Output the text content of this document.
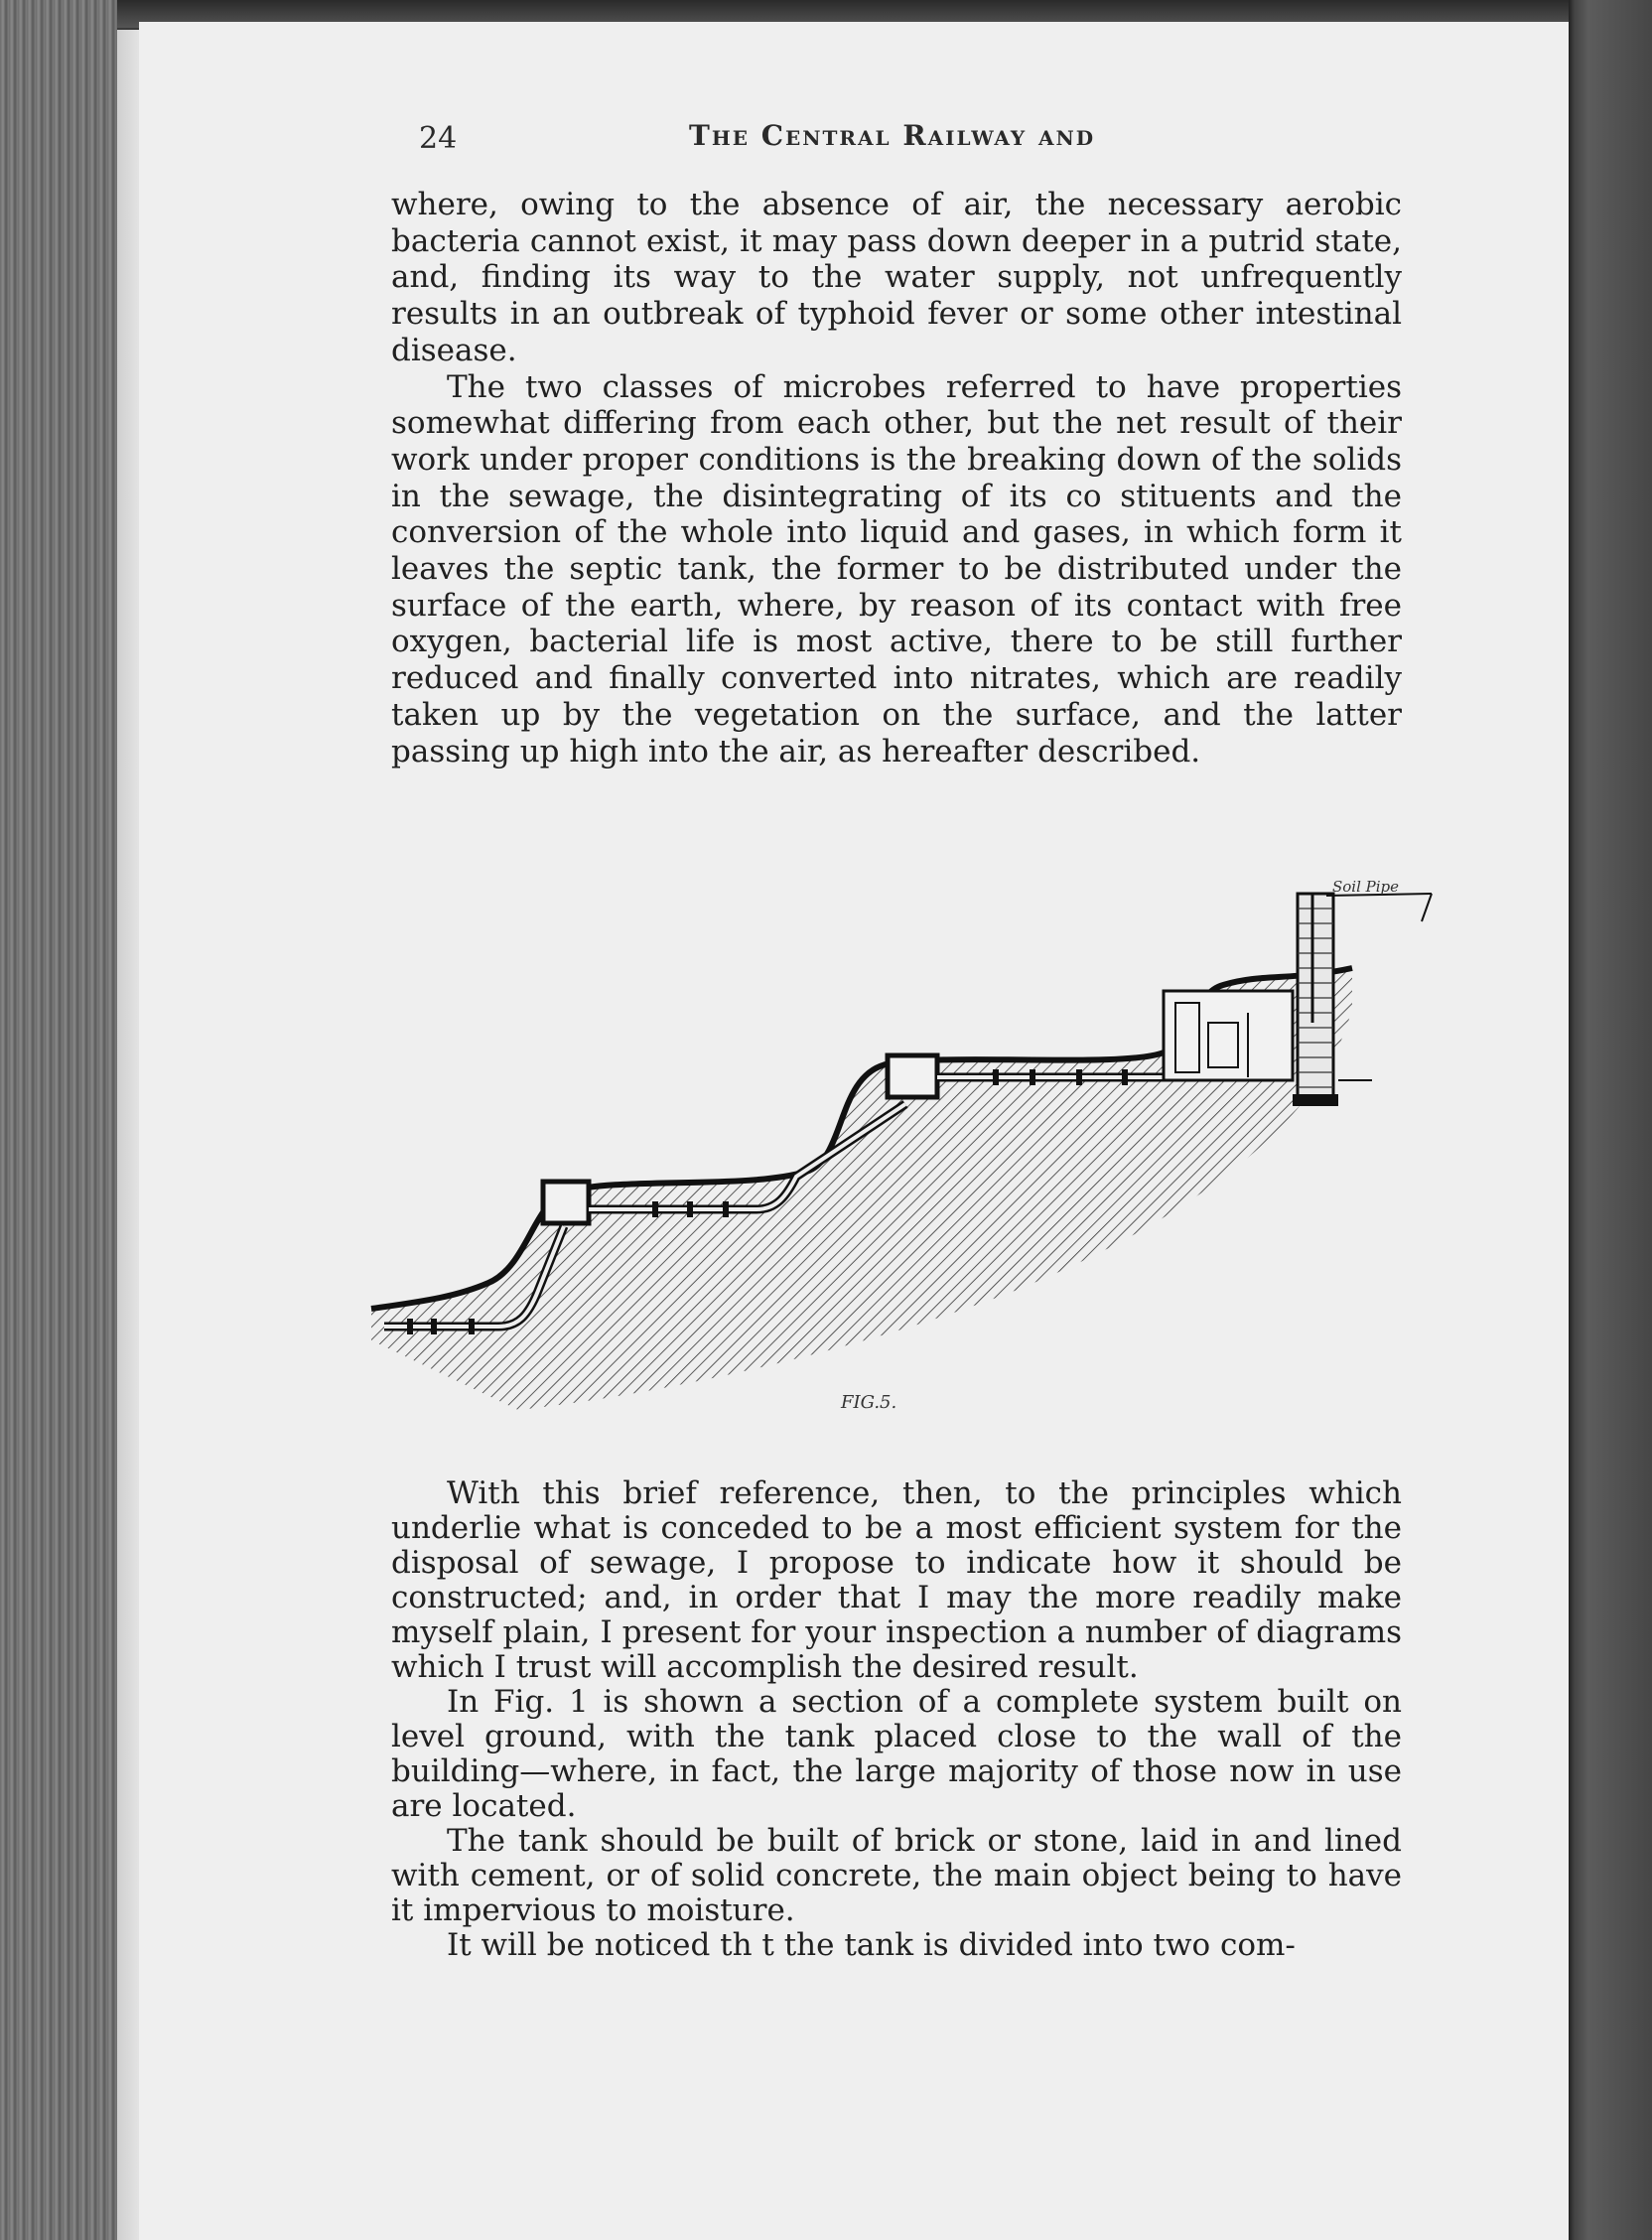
24	The Central Railway and

where, owing to the absence of air, the necessary aerobic bacteria cannot exist, it may pass down deeper in a putrid state, and, finding its way to the water supply, not unfrequently results in an outbreak of typhoid fever or some other intestinal disease.

The two classes of microbes referred to have properties somewhat differing from each other, but the net result of their work under proper conditions is the breaking down of the solids in the sewage, the disintegrating of its co stituents and the conversion of the whole into liquid and gases, in which form it leaves the septic tank, the former to be distributed under the surface of the earth, where, by reason of its contact with free oxygen, bacterial life is most active, there to be still further reduced and finally converted into nitrates, which are readily taken up by the vegetation on the surface, and the latter passing up high into the air, as hereafter described.

Soil Pipe
FIG.5.

With this brief reference, then, to the principles which underlie what is conceded to be a most efficient system for the disposal of sewage, I propose to indicate how it should be constructed; and, in order that I may the more readily make myself plain, I present for your inspection a number of diagrams which I trust will accomplish the desired result.

In Fig. 1 is shown a section of a complete system built on level ground, with the tank placed close to the wall of the building—where, in fact, the large majority of those now in use are located.

The tank should be built of brick or stone, laid in and lined with cement, or of solid concrete, the main object being to have it impervious to moisture.

It will be noticed th t the tank is divided into two com-
